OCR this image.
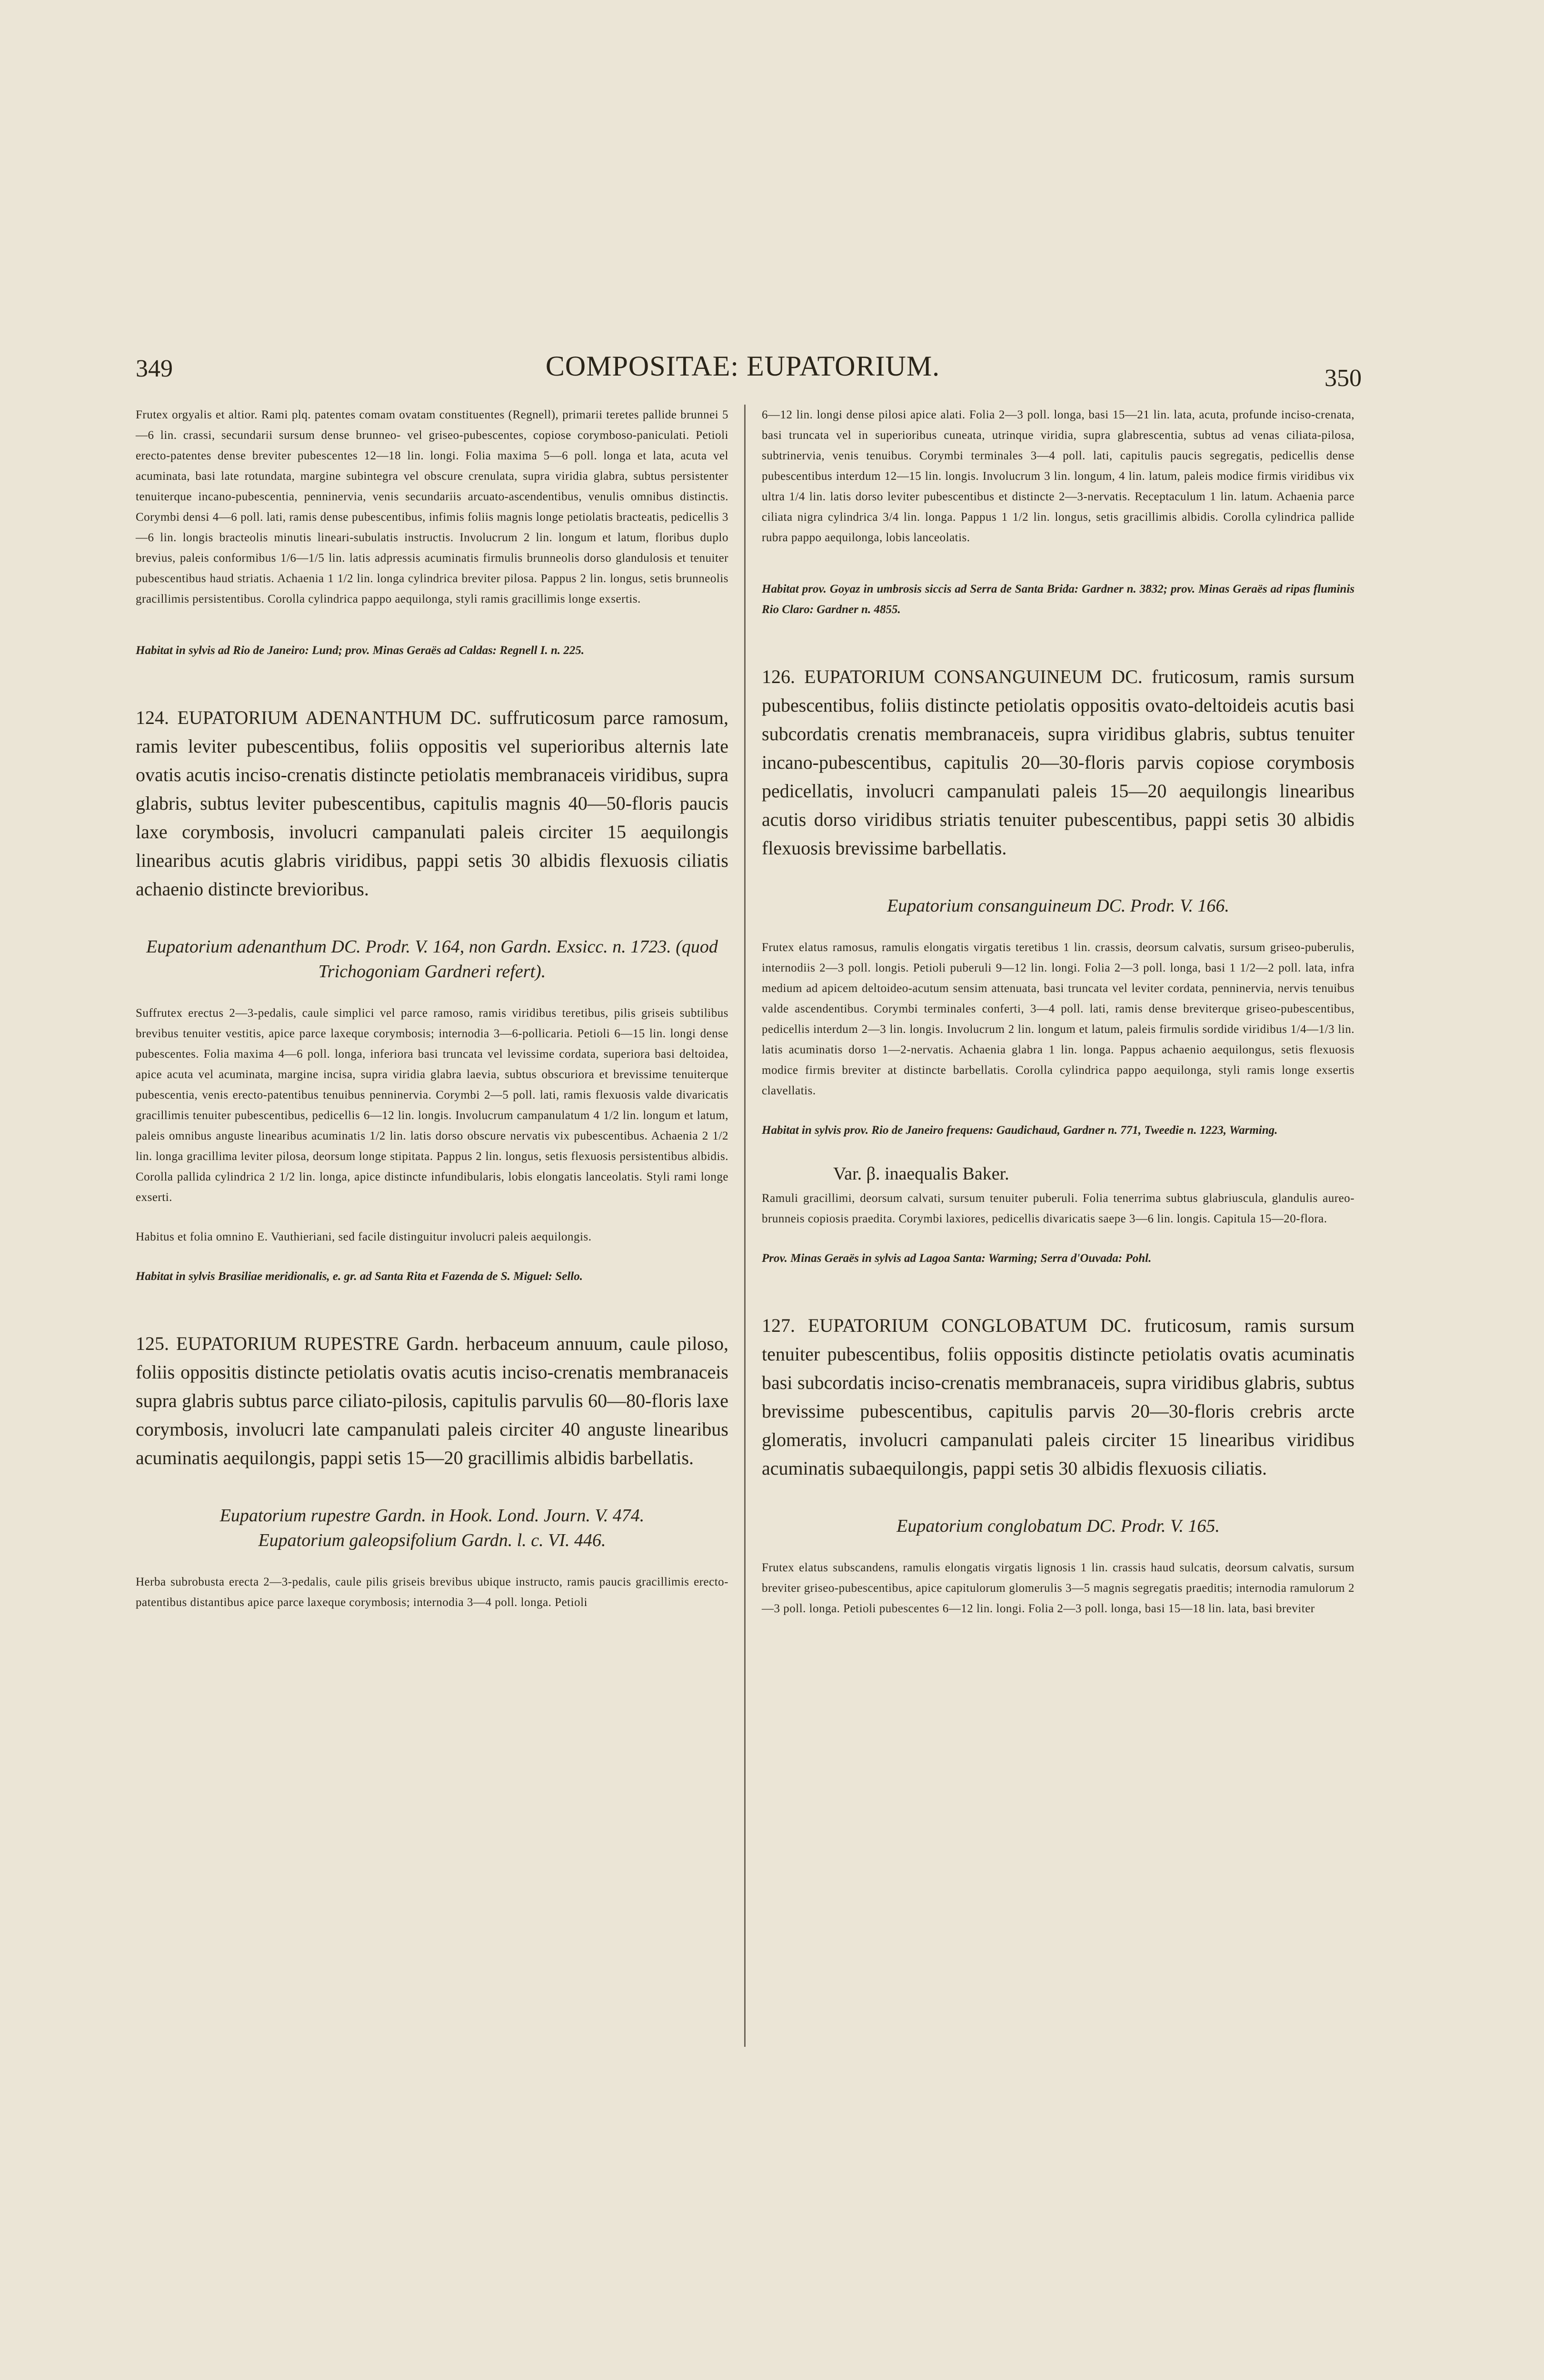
349	COMPOSITAE: EUPATORIUM.	350

Frutex orgyalis et altior. Rami plq. patentes comam ovatam constituentes (Regnell), primarii teretes pallide brunnei 5—6 lin. crassi, secundarii sursum dense brunneo- vel griseo-pubescentes, copiose corymboso-paniculati. Petioli erecto-patentes dense breviter pubescentes 12—18 lin. longi. Folia maxima 5—6 poll. longa et lata, acuta vel acuminata, basi late rotundata, margine subintegra vel obscure crenulata, supra viridia glabra, subtus persistenter tenuiterque incano-pubescentia, penninervia, venis secundariis arcuato-ascendentibus, venulis omnibus distinctis. Corymbi densi 4—6 poll. lati, ramis dense pubescentibus, infimis foliis magnis longe petiolatis bracteatis, pedicellis 3—6 lin. longis bracteolis minutis lineari-subulatis instructis. Involucrum 2 lin. longum et latum, floribus duplo brevius, paleis conformibus 1/6—1/5 lin. latis adpressis acuminatis firmulis brunneolis dorso glandulosis et tenuiter pubescentibus haud striatis. Achaenia 1 1/2 lin. longa cylindrica breviter pilosa. Pappus 2 lin. longus, setis brunneolis gracillimis persistentibus. Corolla cylindrica pappo aequilonga, styli ramis gracillimis longe exsertis.

Habitat in sylvis ad Rio de Janeiro: Lund; prov. Minas Geraës ad Caldas: Regnell I. n. 225.

124. EUPATORIUM ADENANTHUM DC. suffruticosum parce ramosum, ramis leviter pubescentibus, foliis oppositis vel superioribus alternis late ovatis acutis inciso-crenatis distincte petiolatis membranaceis viridibus, supra glabris, subtus leviter pubescentibus, capitulis magnis 40—50-floris paucis laxe corymbosis, involucri campanulati paleis circiter 15 aequilongis linearibus acutis glabris viridibus, pappi setis 30 albidis flexuosis ciliatis achaenio distincte brevioribus.

Eupatorium adenanthum DC. Prodr. V. 164, non Gardn. Exsicc. n. 1723. (quod Trichogoniam Gardneri refert).

Suffrutex erectus 2—3-pedalis, caule simplici vel parce ramoso, ramis viridibus teretibus, pilis griseis subtilibus brevibus tenuiter vestitis, apice parce laxeque corymbosis; internodia 3—6-pollicaria. Petioli 6—15 lin. longi dense pubescentes. Folia maxima 4—6 poll. longa, inferiora basi truncata vel levissime cordata, superiora basi deltoidea, apice acuta vel acuminata, margine incisa, supra viridia glabra laevia, subtus obscuriora et brevissime tenuiterque pubescentia, venis erecto-patentibus tenuibus penninervia. Corymbi 2—5 poll. lati, ramis flexuosis valde divaricatis gracillimis tenuiter pubescentibus, pedicellis 6—12 lin. longis. Involucrum campanulatum 4 1/2 lin. longum et latum, paleis omnibus anguste linearibus acuminatis 1/2 lin. latis dorso obscure nervatis vix pubescentibus. Achaenia 2 1/2 lin. longa gracillima leviter pilosa, deorsum longe stipitata. Pappus 2 lin. longus, setis flexuosis persistentibus albidis. Corolla pallida cylindrica 2 1/2 lin. longa, apice distincte infundibularis, lobis elongatis lanceolatis. Styli rami longe exserti.

Habitus et folia omnino E. Vauthieriani, sed facile distinguitur involucri paleis aequilongis.

Habitat in sylvis Brasiliae meridionalis, e. gr. ad Santa Rita et Fazenda de S. Miguel: Sello.

125. EUPATORIUM RUPESTRE Gardn. herbaceum annuum, caule piloso, foliis oppositis distincte petiolatis ovatis acutis inciso-crenatis membranaceis supra glabris subtus parce ciliato-pilosis, capitulis parvulis 60—80-floris laxe corymbosis, involucri late campanulati paleis circiter 40 anguste linearibus acuminatis aequilongis, pappi setis 15—20 gracillimis albidis barbellatis.

Eupatorium rupestre Gardn. in Hook. Lond. Journ. V. 474.

Eupatorium galeopsifolium Gardn. l. c. VI. 446.

Herba subrobusta erecta 2—3-pedalis, caule pilis griseis brevibus ubique instructo, ramis paucis gracillimis erecto-patentibus distantibus apice parce laxeque corymbosis; internodia 3—4 poll. longa. Petioli

6—12 lin. longi dense pilosi apice alati. Folia 2—3 poll. longa, basi 15—21 lin. lata, acuta, profunde inciso-crenata, basi truncata vel in superioribus cuneata, utrinque viridia, supra glabrescentia, subtus ad venas ciliata-pilosa, subtrinervia, venis tenuibus. Corymbi terminales 3—4 poll. lati, capitulis paucis segregatis, pedicellis dense pubescentibus interdum 12—15 lin. longis. Involucrum 3 lin. longum, 4 lin. latum, paleis modice firmis viridibus vix ultra 1/4 lin. latis dorso leviter pubescentibus et distincte 2—3-nervatis. Receptaculum 1 lin. latum. Achaenia parce ciliata nigra cylindrica 3/4 lin. longa. Pappus 1 1/2 lin. longus, setis gracillimis albidis. Corolla cylindrica pallide rubra pappo aequilonga, lobis lanceolatis.

Habitat prov. Goyaz in umbrosis siccis ad Serra de Santa Brida: Gardner n. 3832; prov. Minas Geraës ad ripas fluminis Rio Claro: Gardner n. 4855.

126. EUPATORIUM CONSANGUINEUM DC. fruticosum, ramis sursum pubescentibus, foliis distincte petiolatis oppositis ovato-deltoideis acutis basi subcordatis crenatis membranaceis, supra viridibus glabris, subtus tenuiter incano-pubescentibus, capitulis 20—30-floris parvis copiose corymbosis pedicellatis, involucri campanulati paleis 15—20 aequilongis linearibus acutis dorso viridibus striatis tenuiter pubescentibus, pappi setis 30 albidis flexuosis brevissime barbellatis.

Eupatorium consanguineum DC. Prodr. V. 166.

Frutex elatus ramosus, ramulis elongatis virgatis teretibus 1 lin. crassis, deorsum calvatis, sursum griseo-puberulis, internodiis 2—3 poll. longis. Petioli puberuli 9—12 lin. longi. Folia 2—3 poll. longa, basi 1 1/2—2 poll. lata, infra medium ad apicem deltoideo-acutum sensim attenuata, basi truncata vel leviter cordata, penninervia, nervis tenuibus valde ascendentibus. Corymbi terminales conferti, 3—4 poll. lati, ramis dense breviterque griseo-pubescentibus, pedicellis interdum 2—3 lin. longis. Involucrum 2 lin. longum et latum, paleis firmulis sordide viridibus 1/4—1/3 lin. latis acuminatis dorso 1—2-nervatis. Achaenia glabra 1 lin. longa. Pappus achaenio aequilongus, setis flexuosis modice firmis breviter at distincte barbellatis. Corolla cylindrica pappo aequilonga, styli ramis longe exsertis clavellatis.

Habitat in sylvis prov. Rio de Janeiro frequens: Gaudichaud, Gardner n. 771, Tweedie n. 1223, Warming.

Var. β. inaequalis Baker.

Ramuli gracillimi, deorsum calvati, sursum tenuiter puberuli. Folia tenerrima subtus glabriuscula, glandulis aureo-brunneis copiosis praedita. Corymbi laxiores, pedicellis divaricatis saepe 3—6 lin. longis. Capitula 15—20-flora.

Prov. Minas Geraës in sylvis ad Lagoa Santa: Warming; Serra d'Ouvada: Pohl.

127. EUPATORIUM CONGLOBATUM DC. fruticosum, ramis sursum tenuiter pubescentibus, foliis oppositis distincte petiolatis ovatis acuminatis basi subcordatis inciso-crenatis membranaceis, supra viridibus glabris, subtus brevissime pubescentibus, capitulis parvis 20—30-floris crebris arcte glomeratis, involucri campanulati paleis circiter 15 linearibus viridibus acuminatis subaequilongis, pappi setis 30 albidis flexuosis ciliatis.

Eupatorium conglobatum DC. Prodr. V. 165.

Frutex elatus subscandens, ramulis elongatis virgatis lignosis 1 lin. crassis haud sulcatis, deorsum calvatis, sursum breviter griseo-pubescentibus, apice capitulorum glomerulis 3—5 magnis segregatis praeditis; internodia ramulorum 2—3 poll. longa. Petioli pubescentes 6—12 lin. longi. Folia 2—3 poll. longa, basi 15—18 lin. lata, basi breviter
